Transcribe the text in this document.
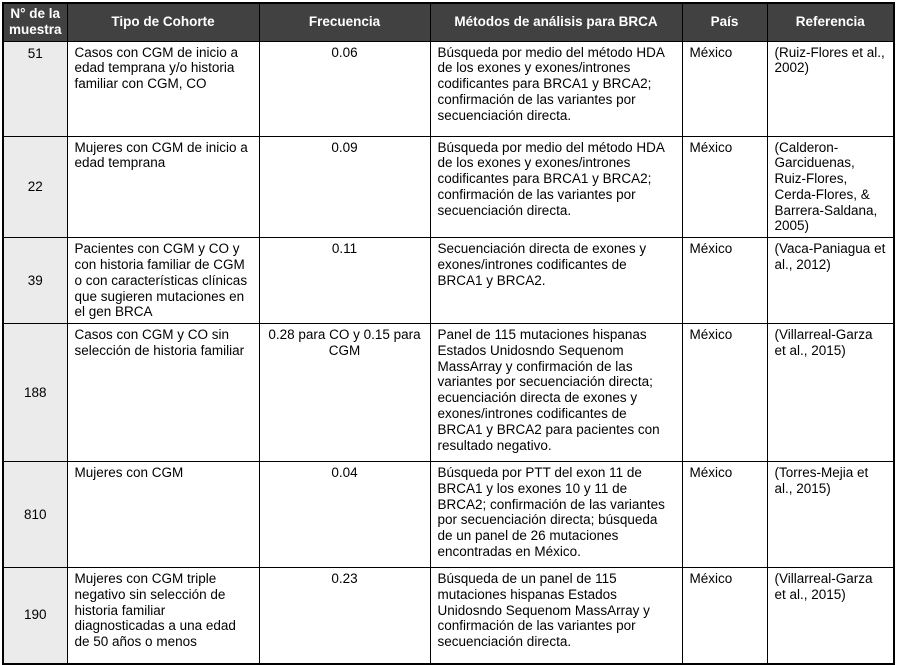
N° de la muestra	Tipo de Cohorte	Frecuencia	Métodos de análisis para BRCA	País	Referencia
51	Casos con CGM de inicio a edad temprana y/o historia familiar con CGM, CO	0.06	Búsqueda por medio del método HDA de los exones y exones/intrones codificantes para BRCA1 y BRCA2; confirmación de las variantes por secuenciación directa.	México	(Ruiz-Flores et al., 2002)
22	Mujeres con CGM de inicio a edad temprana	0.09	Búsqueda por medio del método HDA de los exones y exones/intrones codificantes para BRCA1 y BRCA2; confirmación de las variantes por secuenciación directa.	México	(Calderon-Garciduenas, Ruiz-Flores, Cerda-Flores, & Barrera-Saldana, 2005)
39	Pacientes con CGM y CO y con historia familiar de CGM o con características clínicas que sugieren mutaciones en el gen BRCA	0.11	Secuenciación directa de exones y exones/intrones codificantes de BRCA1 y BRCA2.	México	(Vaca-Paniagua et al., 2012)
188	Casos con CGM y CO sin selección de historia familiar	0.28 para CO y 0.15 para CGM	Panel de 115 mutaciones hispanas Estados Unidosndo Sequenom MassArray y confirmación de las variantes por secuenciación directa; ecuenciación directa de exones y exones/intrones codificantes de BRCA1 y BRCA2 para pacientes con resultado negativo.	México	(Villarreal-Garza et al., 2015)
810	Mujeres con CGM	0.04	Búsqueda por PTT del exon 11 de BRCA1 y los exones 10 y 11 de BRCA2; confirmación de las variantes por secuenciación directa; búsqueda de un panel de 26 mutaciones encontradas en México.	México	(Torres-Mejia et al., 2015)
190	Mujeres con CGM triple negativo sin selección de historia familiar diagnosticadas a una edad de 50 años o menos	0.23	Búsqueda de un panel de 115 mutaciones hispanas Estados Unidosndo Sequenom MassArray y confirmación de las variantes por secuenciación directa.	México	(Villarreal-Garza et al., 2015)
